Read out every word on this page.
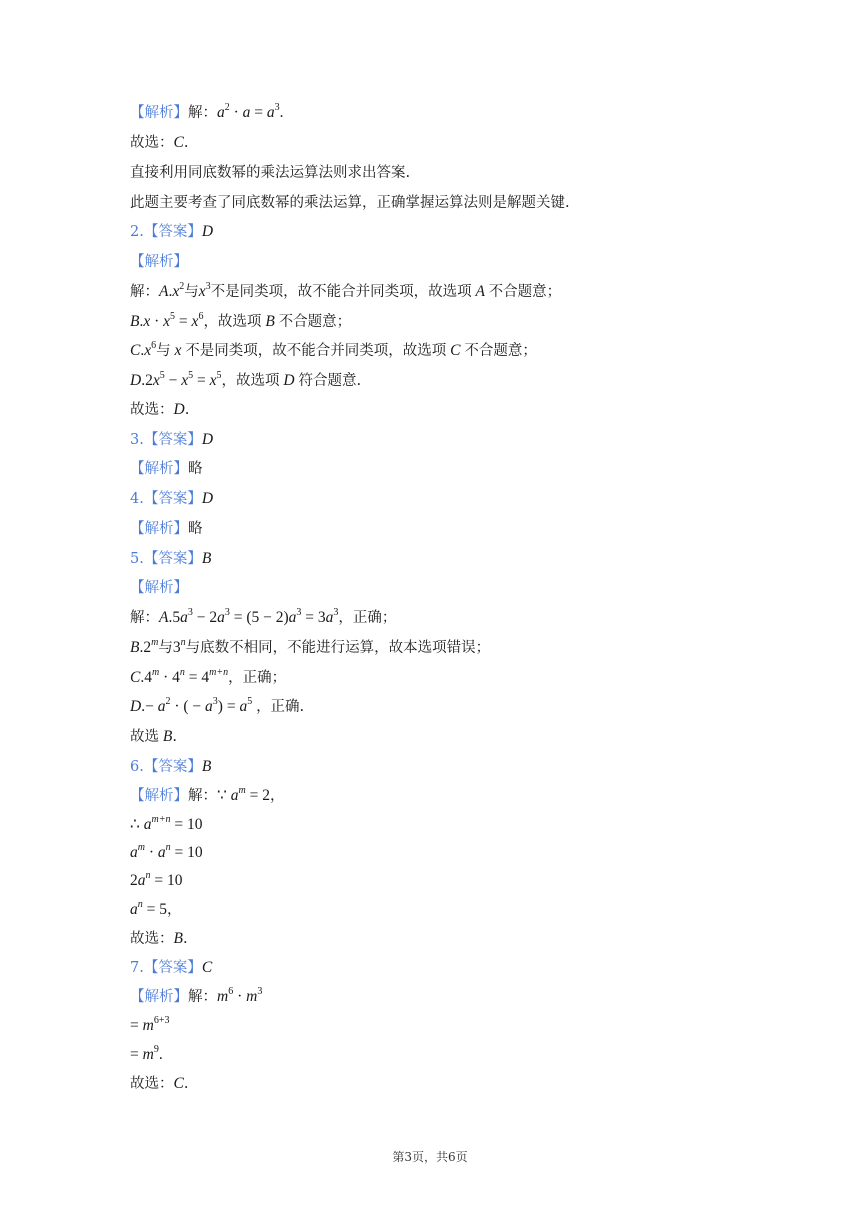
【解析】解：$a^2 \cdot a = a^3$.
故选：C.
直接利用同底数幂的乘法运算法则求出答案.
此题主要考查了同底数幂的乘法运算，正确掌握运算法则是解题关键.
2.【答案】D
【解析】
解：$A.x^2$与$x^3$不是同类项，故不能合并同类项，故选项 A 不合题意；
$B.x \cdot x^5 = x^6$，故选项 B 不合题意；
$C.x^6$与 x 不是同类项，故不能合并同类项，故选项 C 不合题意；
$D.2x^5 - x^5 = x^5$，故选项 D 符合题意.
故选：D.
3.【答案】D
【解析】略
4.【答案】D
【解析】略
5.【答案】B
【解析】
解：$A.5a^3 - 2a^3 = (5 - 2)a^3 = 3a^3$，正确；
B.2$^m$与3$^n$与底数不相同，不能进行运算，故本选项错误；
$C.4^m \cdot 4^n = 4^{m+n}$，正确；
$D.- a^2$ · ( − $a^3) = a^5$ ，正确.
故选 B.
6.【答案】B
【解析】解：∵ $a^m = 2$，
∴ $a^{m+n} = 10$
$a^m \cdot a^n = 10$
$2a^n = 10$
$a^n = 5$，
故选：B.
7.【答案】C
【解析】解：$m^6 \cdot m^3$
= $m^{6+3}$
= $m^9$.
故选：C.
第3页，共6页
